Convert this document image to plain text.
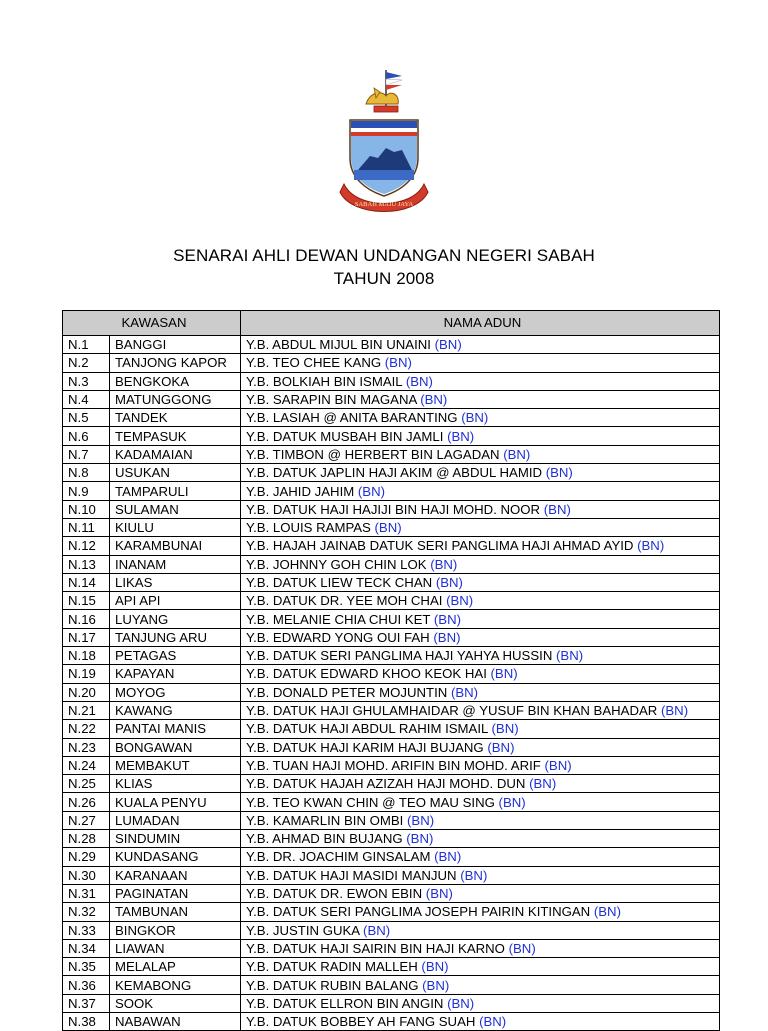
SABAH MAJU JAYA
SENARAI AHLI DEWAN UNDANGAN NEGERI SABAH
TAHUN 2008
KAWASAN		NAMA ADUN
N.1	BANGGI	Y.B. ABDUL MIJUL BIN UNAINI (BN)
N.2	TANJONG KAPOR	Y.B. TEO CHEE KANG (BN)
N.3	BENGKOKA	Y.B. BOLKIAH BIN ISMAIL (BN)
N.4	MATUNGGONG	Y.B. SARAPIN BIN MAGANA (BN)
N.5	TANDEK	Y.B. LASIAH @ ANITA BARANTING (BN)
N.6	TEMPASUK	Y.B. DATUK MUSBAH BIN JAMLI (BN)
N.7	KADAMAIAN	Y.B. TIMBON @ HERBERT BIN LAGADAN (BN)
N.8	USUKAN	Y.B. DATUK JAPLIN HAJI AKIM @ ABDUL HAMID (BN)
N.9	TAMPARULI	Y.B. JAHID JAHIM (BN)
N.10	SULAMAN	Y.B. DATUK HAJI HAJIJI BIN HAJI MOHD. NOOR (BN)
N.11	KIULU	Y.B. LOUIS RAMPAS (BN)
N.12	KARAMBUNAI	Y.B. HAJAH JAINAB DATUK SERI PANGLIMA HAJI AHMAD AYID (BN)
N.13	INANAM	Y.B. JOHNNY GOH CHIN LOK (BN)
N.14	LIKAS	Y.B. DATUK LIEW TECK CHAN (BN)
N.15	API API	Y.B. DATUK DR. YEE MOH CHAI (BN)
N.16	LUYANG	Y.B. MELANIE CHIA CHUI KET (BN)
N.17	TANJUNG ARU	Y.B. EDWARD YONG OUI FAH (BN)
N.18	PETAGAS	Y.B. DATUK SERI PANGLIMA HAJI YAHYA HUSSIN (BN)
N.19	KAPAYAN	Y.B. DATUK EDWARD KHOO KEOK HAI (BN)
N.20	MOYOG	Y.B. DONALD PETER MOJUNTIN (BN)
N.21	KAWANG	Y.B. DATUK HAJI GHULAMHAIDAR @ YUSUF BIN KHAN BAHADAR (BN)
N.22	PANTAI MANIS	Y.B. DATUK HAJI ABDUL RAHIM ISMAIL (BN)
N.23	BONGAWAN	Y.B. DATUK HAJI KARIM HAJI BUJANG (BN)
N.24	MEMBAKUT	Y.B. TUAN HAJI MOHD. ARIFIN BIN MOHD. ARIF (BN)
N.25	KLIAS	Y.B. DATUK HAJAH AZIZAH HAJI MOHD. DUN (BN)
N.26	KUALA PENYU	Y.B. TEO KWAN CHIN @ TEO MAU SING (BN)
N.27	LUMADAN	Y.B. KAMARLIN BIN OMBI (BN)
N.28	SINDUMIN	Y.B. AHMAD BIN BUJANG (BN)
N.29	KUNDASANG	Y.B. DR. JOACHIM GINSALAM (BN)
N.30	KARANAAN	Y.B. DATUK HAJI MASIDI MANJUN (BN)
N.31	PAGINATAN	Y.B. DATUK DR. EWON EBIN (BN)
N.32	TAMBUNAN	Y.B. DATUK SERI PANGLIMA JOSEPH PAIRIN KITINGAN (BN)
N.33	BINGKOR	Y.B. JUSTIN GUKA (BN)
N.34	LIAWAN	Y.B. DATUK HAJI SAIRIN BIN HAJI KARNO (BN)
N.35	MELALAP	Y.B. DATUK RADIN MALLEH (BN)
N.36	KEMABONG	Y.B. DATUK RUBIN BALANG (BN)
N.37	SOOK	Y.B. DATUK ELLRON BIN ANGIN (BN)
N.38	NABAWAN	Y.B. DATUK BOBBEY AH FANG SUAH (BN)
